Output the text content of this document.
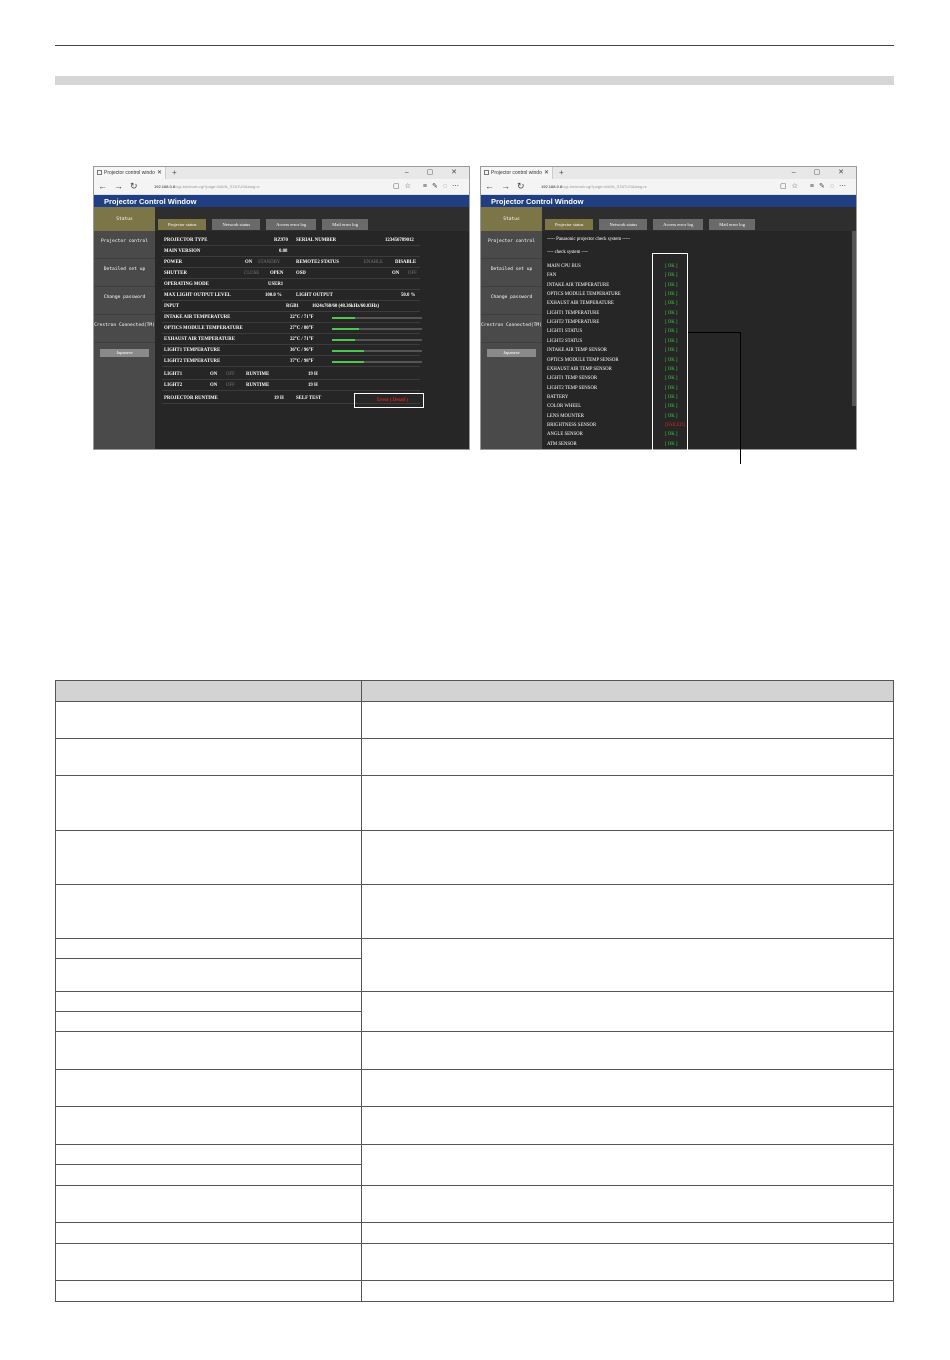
Projector control windo ✕ +	– ▢ ✕
←→↻ 192.168.0.8/cgi-bin/main.cgi?page=MAIN_STATUS&lang=e	▢☆ ≡✎◌⋯
Projector Control Window
Status
Projector control
Detailed set up
Change password
Crestron Connected(TM)
Japanese
Projector status	Network status	Access error log	Mail error log
PROJECTOR TYPE	RZ970 SERIAL NUMBER	123456789012
MAIN VERSION	0.08
POWER	ON STANDBY	REMOTE2 STATUS	ENABLE	DISABLE
SHUTTER	CLOSE OPEN	OSD	ON OFF
OPERATING MODE	USER1
MAX LIGHT OUTPUT LEVEL	100.0 %	LIGHT OUTPUT	50.0 %
INPUT	RGB1	1024x768/60 (48.36kHz/60.03Hz)
INTAKE AIR TEMPERATURE	22°C / 71°F
OPTICS MODULE TEMPERATURE	27°C / 80°F
EXHAUST AIR TEMPERATURE	22°C / 71°F
LIGHT1 TEMPERATURE	36°C / 96°F
LIGHT2 TEMPERATURE	37°C / 98°F
LIGHT1	ON OFF RUNTIME	19 H
LIGHT2	ON OFF RUNTIME	19 H
PROJECTOR RUNTIME	19 H	SELF TEST	Error ( Detail )
Projector control windo ✕ +	– ▢ ✕
←→↻ 192.168.0.8/cgi-bin/main.cgi?page=MAIN_STATUS&lang=e	▢☆ ≡✎◌⋯
Projector Control Window
Status
Projector control
Detailed set up
Change password
Crestron Connected(TM)
Japanese
Projector status	Network status	Access error log	Mail error log
----- Panasonic projector check system -----
---- check system ----
MAIN CPU BUS	[ OK ]
FAN	[ OK ]
INTAKE AIR TEMPERATURE	[ OK ]
OPTICS MODULE TEMPERATURE	[ OK ]
EXHAUST AIR TEMPERATURE	[ OK ]
LIGHT1 TEMPERATURE	[ OK ]
LIGHT2 TEMPERATURE	[ OK ]
LIGHT1 STATUS	[ OK ]
LIGHT2 STATUS	[ OK ]
INTAKE AIR TEMP SENSOR	[ OK ]
OPTICS MODULE TEMP SENSOR	[ OK ]
EXHAUST AIR TEMP SENSOR	[ OK ]
LIGHT1 TEMP SENSOR	[ OK ]
LIGHT2 TEMP SENSOR	[ OK ]
BATTERY	[ OK ]
COLOR WHEEL	[ OK ]
LENS MOUNTER	[ OK ]
BRIGHTNESS SENSOR	[FAILED]
ANGLE SENSOR	[ OK ]
ATM SENSOR	[ OK ]
